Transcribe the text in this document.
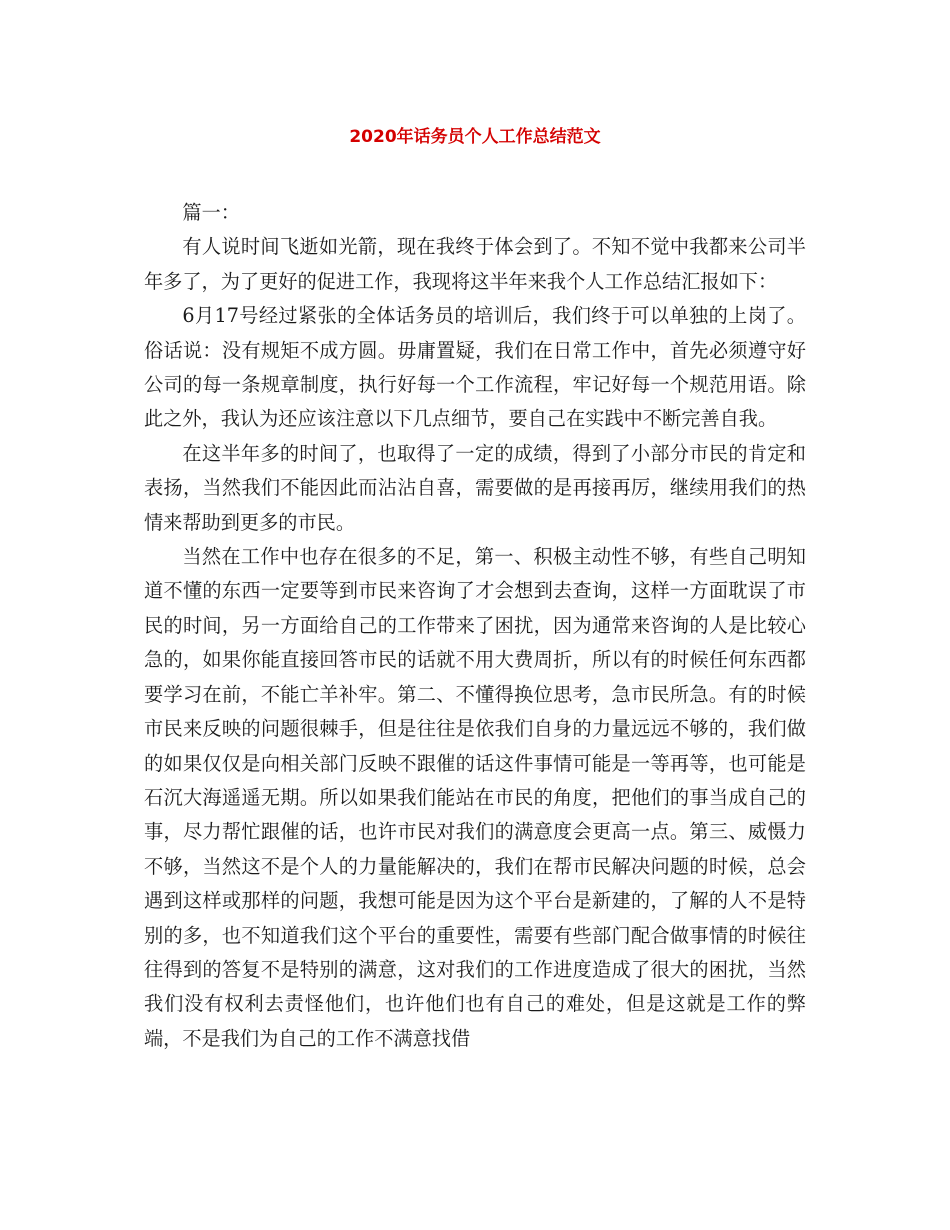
2020年话务员个人工作总结范文

篇一：

有人说时间飞逝如光箭，现在我终于体会到了。不知不觉中我都来公司半年多了，为了更好的促进工作，我现将这半年来我个人工作总结汇报如下：

6月17号经过紧张的全体话务员的培训后，我们终于可以单独的上岗了。俗话说：没有规矩不成方圆。毋庸置疑，我们在日常工作中，首先必须遵守好公司的每一条规章制度，执行好每一个工作流程，牢记好每一个规范用语。除此之外，我认为还应该注意以下几点细节，要自己在实践中不断完善自我。

在这半年多的时间了，也取得了一定的成绩，得到了小部分市民的肯定和表扬，当然我们不能因此而沾沾自喜，需要做的是再接再厉，继续用我们的热情来帮助到更多的市民。

当然在工作中也存在很多的不足，第一、积极主动性不够，有些自己明知道不懂的东西一定要等到市民来咨询了才会想到去查询，这样一方面耽误了市民的时间，另一方面给自己的工作带来了困扰，因为通常来咨询的人是比较心急的，如果你能直接回答市民的话就不用大费周折，所以有的时候任何东西都要学习在前，不能亡羊补牢。第二、不懂得换位思考，急市民所急。有的时候市民来反映的问题很棘手，但是往往是依我们自身的力量远远不够的，我们做的如果仅仅是向相关部门反映不跟催的话这件事情可能是一等再等，也可能是石沉大海遥遥无期。所以如果我们能站在市民的角度，把他们的事当成自己的事，尽力帮忙跟催的话，也许市民对我们的满意度会更高一点。第三、威慑力不够，当然这不是个人的力量能解决的，我们在帮市民解决问题的时候，总会遇到这样或那样的问题，我想可能是因为这个平台是新建的，了解的人不是特别的多，也不知道我们这个平台的重要性，需要有些部门配合做事情的时候往往得到的答复不是特别的满意，这对我们的工作进度造成了很大的困扰，当然我们没有权利去责怪他们，也许他们也有自己的难处，但是这就是工作的弊端，不是我们为自己的工作不满意找借
